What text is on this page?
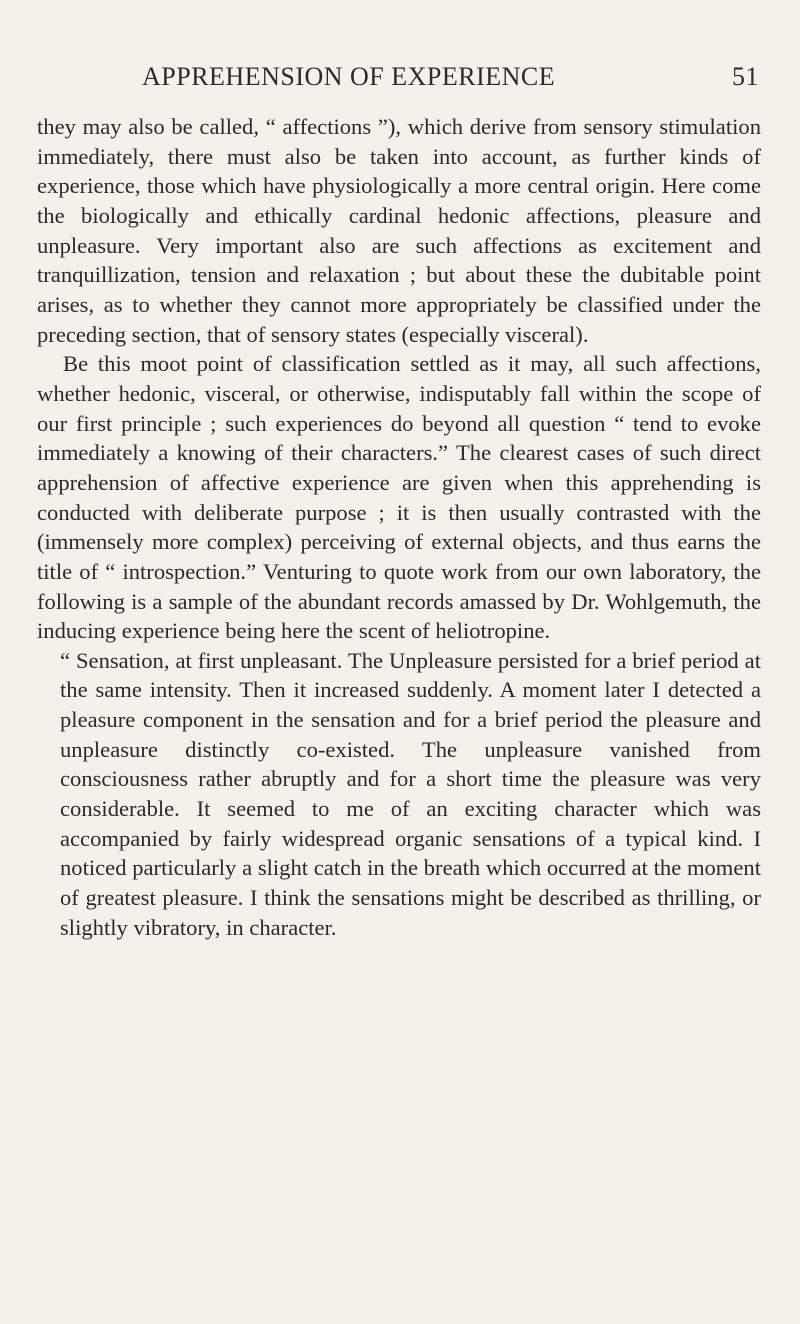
APPREHENSION OF EXPERIENCE	51

they may also be called, “ affections ”), which derive from sensory stimulation immediately, there must also be taken into account, as further kinds of experience, those which have physiologically a more central origin. Here come the biologically and ethically cardinal hedonic affections, pleasure and unpleasure. Very important also are such affections as excitement and tranquillization, tension and relaxation ; but about these the dubitable point arises, as to whether they cannot more appropriately be classified under the preceding section, that of sensory states (especially visceral).

Be this moot point of classification settled as it may, all such affections, whether hedonic, visceral, or otherwise, indisputably fall within the scope of our first principle ; such experiences do beyond all question “ tend to evoke immediately a knowing of their characters.” The clearest cases of such direct apprehension of affective experience are given when this apprehending is conducted with deliberate purpose ; it is then usually contrasted with the (immensely more complex) perceiving of external objects, and thus earns the title of “ introspection.” Venturing to quote work from our own laboratory, the following is a sample of the abundant records amassed by Dr. Wohlgemuth, the inducing experience being here the scent of heliotropine.

“ Sensation, at first unpleasant. The Unpleasure persisted for a brief period at the same intensity. Then it increased suddenly. A moment later I detected a pleasure component in the sensation and for a brief period the pleasure and unpleasure distinctly co-existed. The unpleasure vanished from consciousness rather abruptly and for a short time the pleasure was very considerable. It seemed to me of an exciting character which was accompanied by fairly widespread organic sensations of a typical kind. I noticed particularly a slight catch in the breath which occurred at the moment of greatest pleasure. I think the sensations might be described as thrilling, or slightly vibratory, in character.
